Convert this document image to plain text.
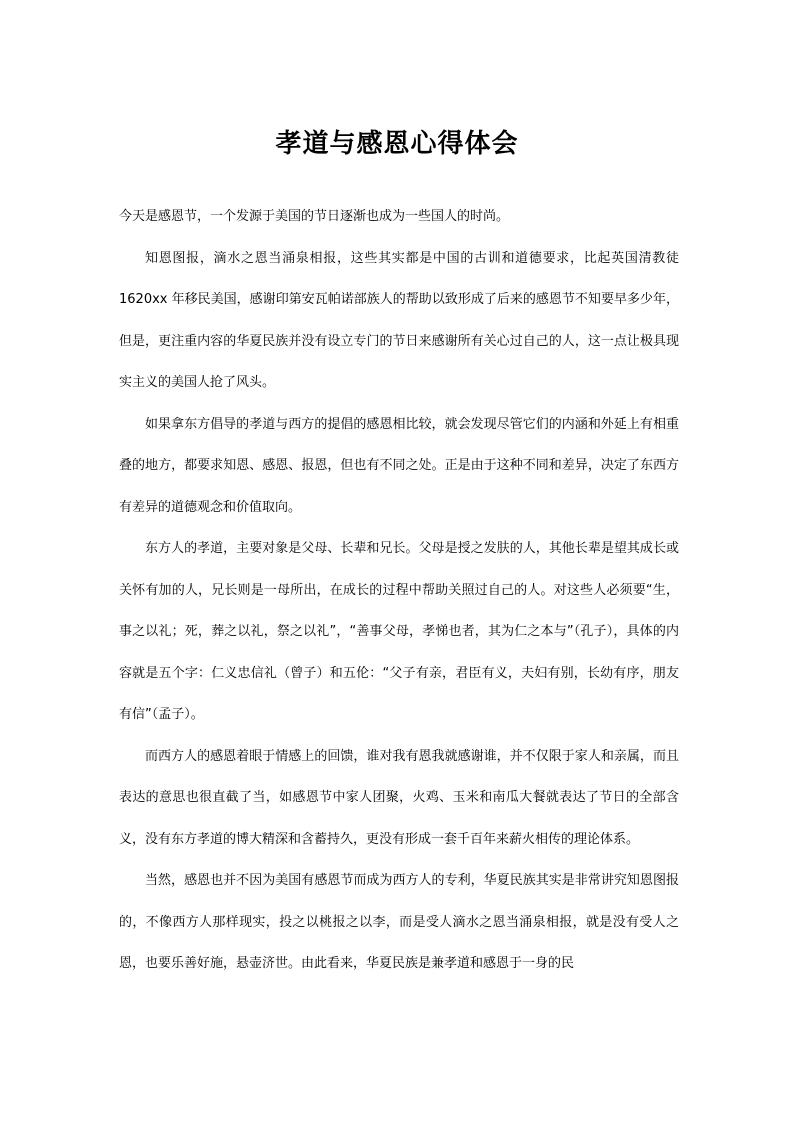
孝道与感恩心得体会

今天是感恩节，一个发源于美国的节日逐渐也成为一些国人的时尚。

知恩图报，滴水之恩当涌泉相报，这些其实都是中国的古训和道德要求，比起英国清教徒 1620xx 年移民美国，感谢印第安瓦帕诺部族人的帮助以致形成了后来的感恩节不知要早多少年，但是，更注重内容的华夏民族并没有设立专门的节日来感谢所有关心过自己的人，这一点让极具现实主义的美国人抢了风头。

如果拿东方倡导的孝道与西方的提倡的感恩相比较，就会发现尽管它们的内涵和外延上有相重叠的地方，都要求知恩、感恩、报恩，但也有不同之处。正是由于这种不同和差异，决定了东西方有差异的道德观念和价值取向。

东方人的孝道，主要对象是父母、长辈和兄长。父母是授之发肤的人，其他长辈是望其成长或关怀有加的人，兄长则是一母所出，在成长的过程中帮助关照过自己的人。对这些人必须要“生，事之以礼；死，葬之以礼，祭之以礼”，“善事父母，孝悌也者，其为仁之本与”（孔子），具体的内容就是五个字：仁义忠信礼（曾子）和五伦：“父子有亲，君臣有义，夫妇有别，长幼有序，朋友有信”（孟子）。

而西方人的感恩着眼于情感上的回馈，谁对我有恩我就感谢谁，并不仅限于家人和亲属，而且表达的意思也很直截了当，如感恩节中家人团聚，火鸡、玉米和南瓜大餐就表达了节日的全部含义，没有东方孝道的博大精深和含蓄持久，更没有形成一套千百年来薪火相传的理论体系。

当然，感恩也并不因为美国有感恩节而成为西方人的专利，华夏民族其实是非常讲究知恩图报的，不像西方人那样现实，投之以桃报之以李，而是受人滴水之恩当涌泉相报，就是没有受人之恩，也要乐善好施，悬壶济世。由此看来，华夏民族是兼孝道和感恩于一身的民
